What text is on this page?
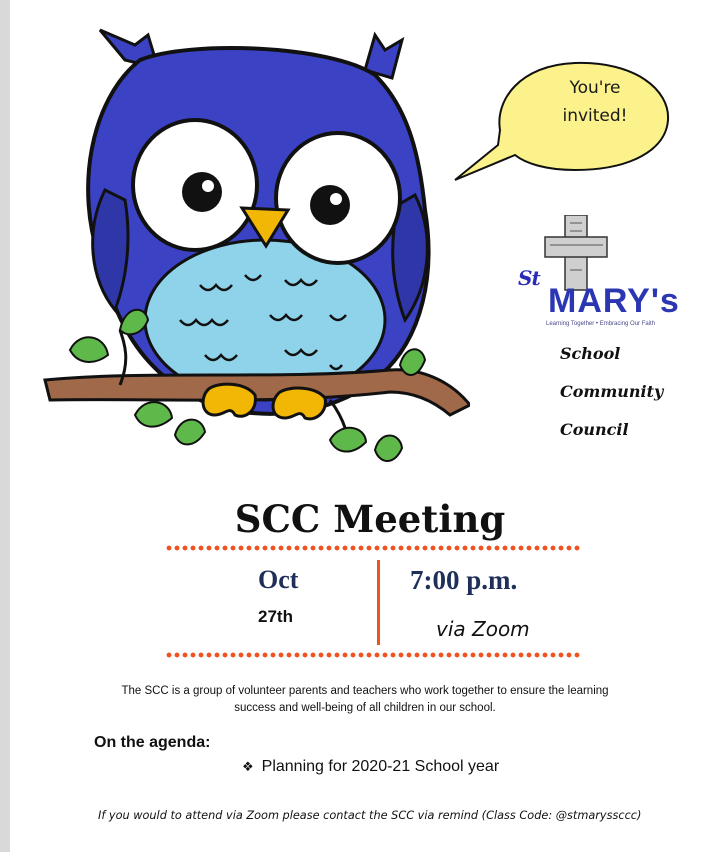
You're
invited!
St
MARY's
Learning Together • Embracing Our Faith
School
Community
Council
SCC Meeting
Oct
27th
7:00 p.m.
via Zoom
The SCC is a group of volunteer parents and teachers who work together to ensure the learning success and well-being of all children in our school.
On the agenda:
❖ Planning for 2020-21 School year
If you would to attend via Zoom please contact the SCC via remind (Class Code: @stmaryssccc)
